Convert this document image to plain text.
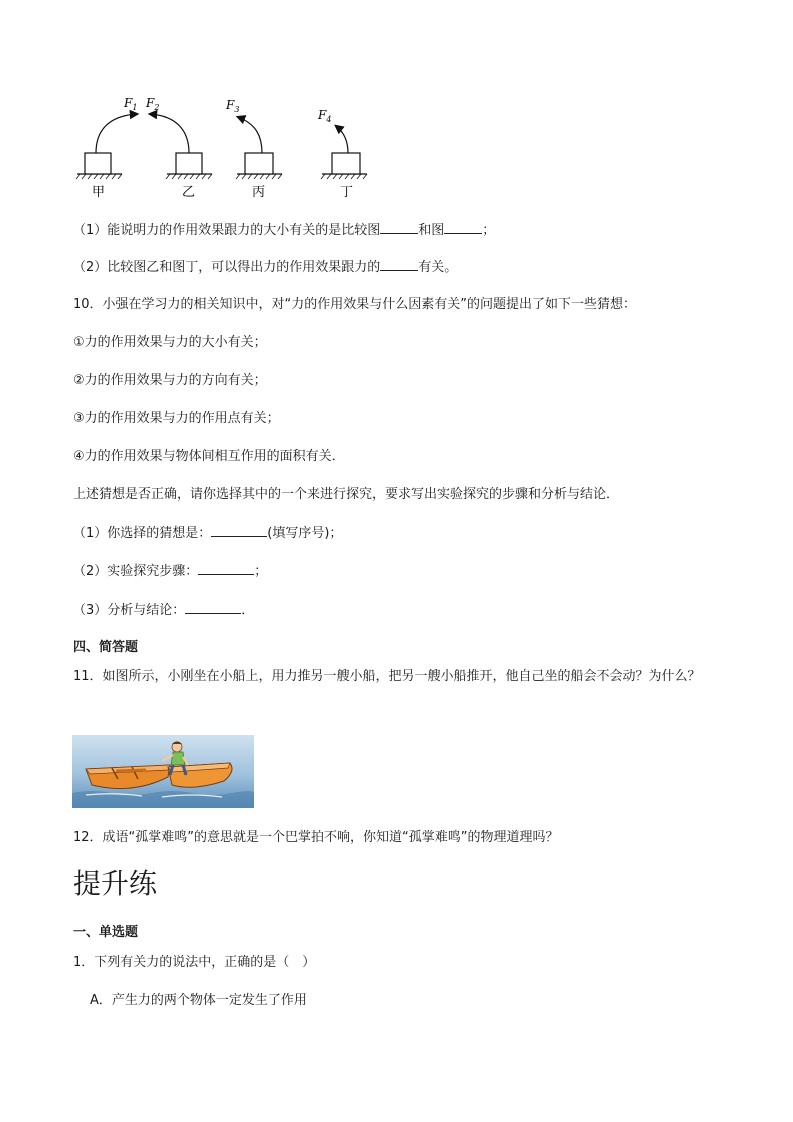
$F_1$
甲
$F_2$
乙
$F_3$
丙
$F_4$
丁
（1）能说明力的作用效果跟力的大小有关的是比较图	和图	；
（2）比较图乙和图丁，可以得出力的作用效果跟力的	有关。
10．小强在学习力的相关知识中，对“力的作用效果与什么因素有关”的问题提出了如下一些猜想：
①力的作用效果与力的大小有关；
②力的作用效果与力的方向有关；
③力的作用效果与力的作用点有关；
④力的作用效果与物体间相互作用的面积有关．
上述猜想是否正确，请你选择其中的一个来进行探究，要求写出实验探究的步骤和分析与结论．
（1）你选择的猜想是：	(填写序号)；
（2）实验探究步骤：	；
（3）分析与结论：	．
四、简答题
11．如图所示，小刚坐在小船上，用力推另一艘小船，把另一艘小船推开，他自己坐的船会不会动？为什么？
12．成语“孤掌难鸣”的意思就是一个巴掌拍不响，你知道“孤掌难鸣”的物理道理吗？
提升练
一、单选题
1．下列有关力的说法中，正确的是（　）
A．产生力的两个物体一定发生了作用
